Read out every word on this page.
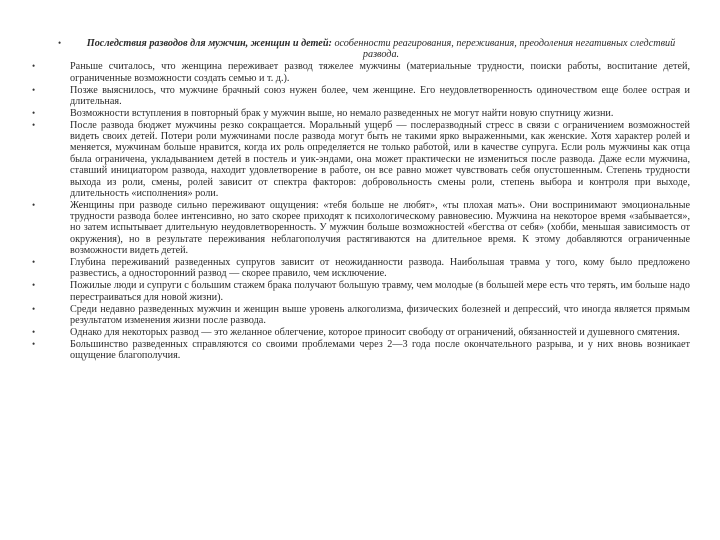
•	Последствия разводов для мужчин, женщин и детей: особенности реагирования, переживания, преодоления негативных следствий развода.
•	Раньше считалось, что женщина переживает развод тяжелее мужчины (материальные трудности, поиски работы, воспитание детей, ограниченные возможности создать семью и т. д.).
•	Позже выяснилось, что мужчине брачный союз нужен более, чем женщине. Его неудовлетворенность одиночеством еще более острая и длительная.
•	Возможности вступления в повторный брак у мужчин выше, но немало разведенных не могут найти новую спутницу жизни.
•	После развода бюджет мужчины резко сокращается. Моральный ущерб — послеразводный стресс в связи с ограничением возможностей видеть своих детей. Потери роли мужчинами после развода могут быть не такими ярко выраженными, как женские. Хотя характер ролей и меняется, мужчинам больше нравится, когда их роль определяется не только работой, или в качестве супруга. Если роль мужчины как отца была ограничена, укладыванием детей в постель и уик-эндами, она может практически не измениться после развода. Даже если мужчина, ставший инициатором развода, находит удовлетворение в работе, он все равно может чувствовать себя опустошенным. Степень трудности выхода из роли, смены, ролей зависит от спектра факторов: добровольность смены роли, степень выбора и контроля при выходе, длительность «исполнения» роли.
•	Женщины при разводе сильно переживают ощущения: «тебя больше не любят», «ты плохая мать». Они воспринимают эмоциональные трудности развода более интенсивно, но зато скорее приходят к психологическому равновесию. Мужчина на некоторое время «забывается», но затем испытывает длительную неудовлетворенность. У мужчин больше возможностей «бегства от себя» (хобби, меньшая зависимость от окружения), но в результате переживания неблагополучия растягиваются на длительное время. К этому добавляются ограниченные возможности видеть детей.
•	Глубина переживаний разведенных супругов зависит от неожиданности развода. Наибольшая травма у того, кому было предложено развестись, а односторонний развод — скорее правило, чем исключение.
•	Пожилые люди и супруги с большим стажем брака получают большую травму, чем молодые (в большей мере есть что терять, им больше надо перестраиваться для новой жизни).
•	Среди недавно разведенных мужчин и женщин выше уровень алкоголизма, физических болезней и депрессий, что иногда является прямым результатом изменения жизни после развода.
•	Однако для некоторых развод — это желанное облегчение, которое приносит свободу от ограничений, обязанностей и душевного смятения.
•	Большинство разведенных справляются со своими проблемами через 2—3 года после окончательного разрыва, и у них вновь возникает ощущение благополучия.
